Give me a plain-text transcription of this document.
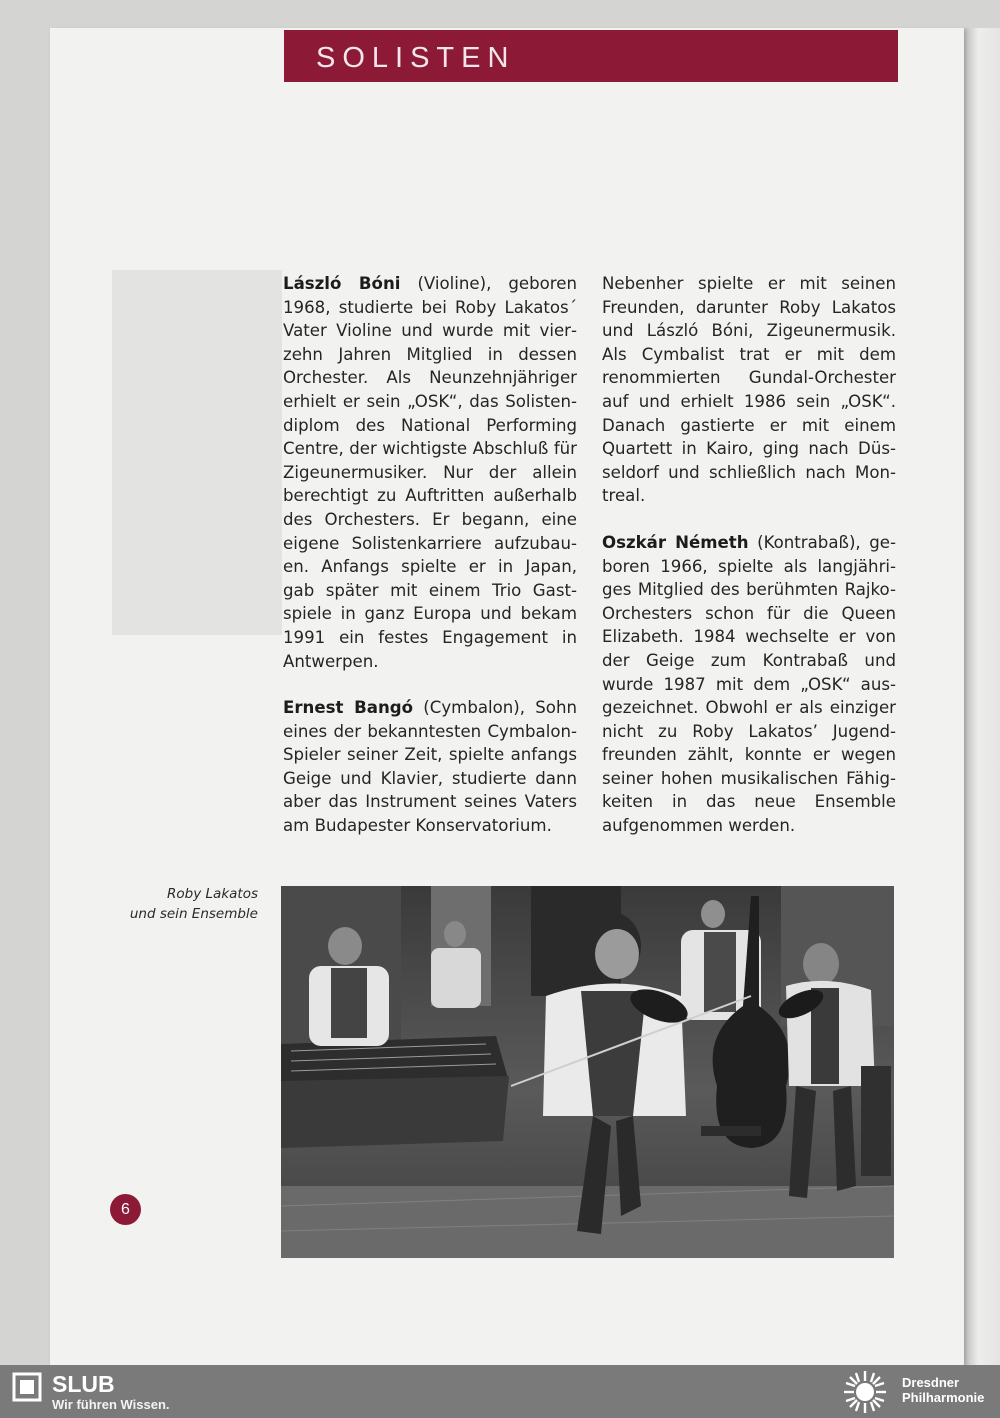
SOLISTEN

László Bóni (Violine), geboren 1968, studierte bei Roby Lakatos´ Vater Violine und wurde mit vierzehn Jahren Mitglied in dessen Orchester. Als Neunzehnjähriger erhielt er sein „OSK“, das Solistendiplom des National Performing Centre, der wichtigste Abschluß für Zigeunermusiker. Nur der allein berechtigt zu Auftritten außerhalb des Orchesters. Er begann, eine eigene Solistenkarriere aufzubauen. Anfangs spielte er in Japan, gab später mit einem Trio Gastspiele in ganz Europa und bekam 1991 ein festes Engagement in Antwerpen.

Ernest Bangó (Cymbalon), Sohn eines der bekanntesten Cymbalon-Spieler seiner Zeit, spielte anfangs Geige und Klavier, studierte dann aber das Instrument seines Vaters am Budapester Konservatorium.

Nebenher spielte er mit seinen Freunden, darunter Roby Lakatos und László Bóni, Zigeunermusik. Als Cymbalist trat er mit dem renommierten Gundal-Orchester auf und erhielt 1986 sein „OSK“. Danach gastierte er mit einem Quartett in Kairo, ging nach Düsseldorf und schließlich nach Montreal.

Oszkár Németh (Kontrabaß), geboren 1966, spielte als langjähriges Mitglied des berühmten Rajko-Orchesters schon für die Queen Elizabeth. 1984 wechselte er von der Geige zum Kontrabaß und wurde 1987 mit dem „OSK“ ausgezeichnet. Obwohl er als einziger nicht zu Roby Lakatos’ Jugendfreunden zählt, konnte er wegen seiner hohen musikalischen Fähigkeiten in das neue Ensemble aufgenommen werden.

Roby Lakatos
und sein Ensemble
6
SLUB
Wir führen Wissen.
Dresdner
Philharmonie
